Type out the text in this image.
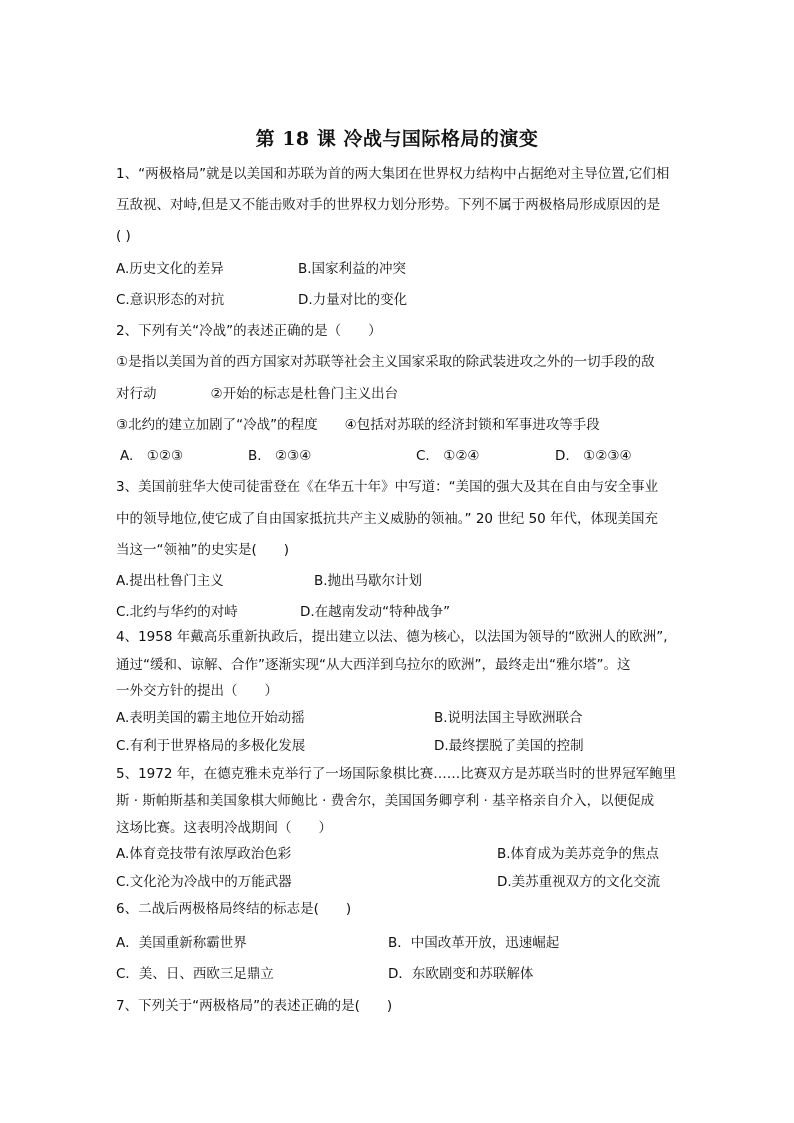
第 18 课 冷战与国际格局的演变
1、“两极格局”就是以美国和苏联为首的两大集团在世界权力结构中占据绝对主导位置,它们相
互敌视、对峙,但是又不能击败对手的世界权力划分形势。下列不属于两极格局形成原因的是
( )
A.历史文化的差异	B.国家利益的冲突
C.意识形态的对抗	D.力量对比的变化
2、下列有关“冷战”的表述正确的是（　　）
①是指以美国为首的西方国家对苏联等社会主义国家采取的除武装进攻之外的一切手段的敌
对行动　　　　②开始的标志是杜鲁门主义出台
③北约的建立加剧了“冷战”的程度　　④包括对苏联的经济封锁和军事进攻等手段
A.　①②③	B.　②③④	C.　①②④	D.　①②③④
3、美国前驻华大使司徒雷登在《在华五十年》中写道：“美国的强大及其在自由与安全事业
中的领导地位,使它成了自由国家抵抗共产主义威胁的领袖。” 20 世纪 50 年代，体现美国充
当这一“领袖”的史实是(　　)
A.提出杜鲁门主义	B.抛出马歇尔计划
C.北约与华约的对峙	D.在越南发动“特种战争”
4、1958 年戴高乐重新执政后，提出建立以法、德为核心，以法国为领导的“欧洲人的欧洲”,
通过“缓和、谅解、合作”逐渐实现“从大西洋到乌拉尔的欧洲”，最终走出“雅尔塔”。这
一外交方针的提出（　　）
A.表明美国的霸主地位开始动摇	B.说明法国主导欧洲联合
C.有利于世界格局的多极化发展	D.最终摆脱了美国的控制
5、1972 年，在德克雅未克举行了一场国际象棋比赛……比赛双方是苏联当时的世界冠军鲍里
斯 · 斯帕斯基和美国象棋大师鲍比 · 费舍尔，美国国务卿亨利 · 基辛格亲自介入，以便促成
这场比赛。这表明冷战期间（　　）
A.体育竞技带有浓厚政治色彩	B.体育成为美苏竞争的焦点
C.文化沦为冷战中的万能武器	D.美苏重视双方的文化交流
6、二战后两极格局终结的标志是(　　)
A．美国重新称霸世界	B．中国改革开放，迅速崛起
C．美、日、西欧三足鼎立	D．东欧剧变和苏联解体
7、下列关于“两极格局”的表述正确的是(　　)
